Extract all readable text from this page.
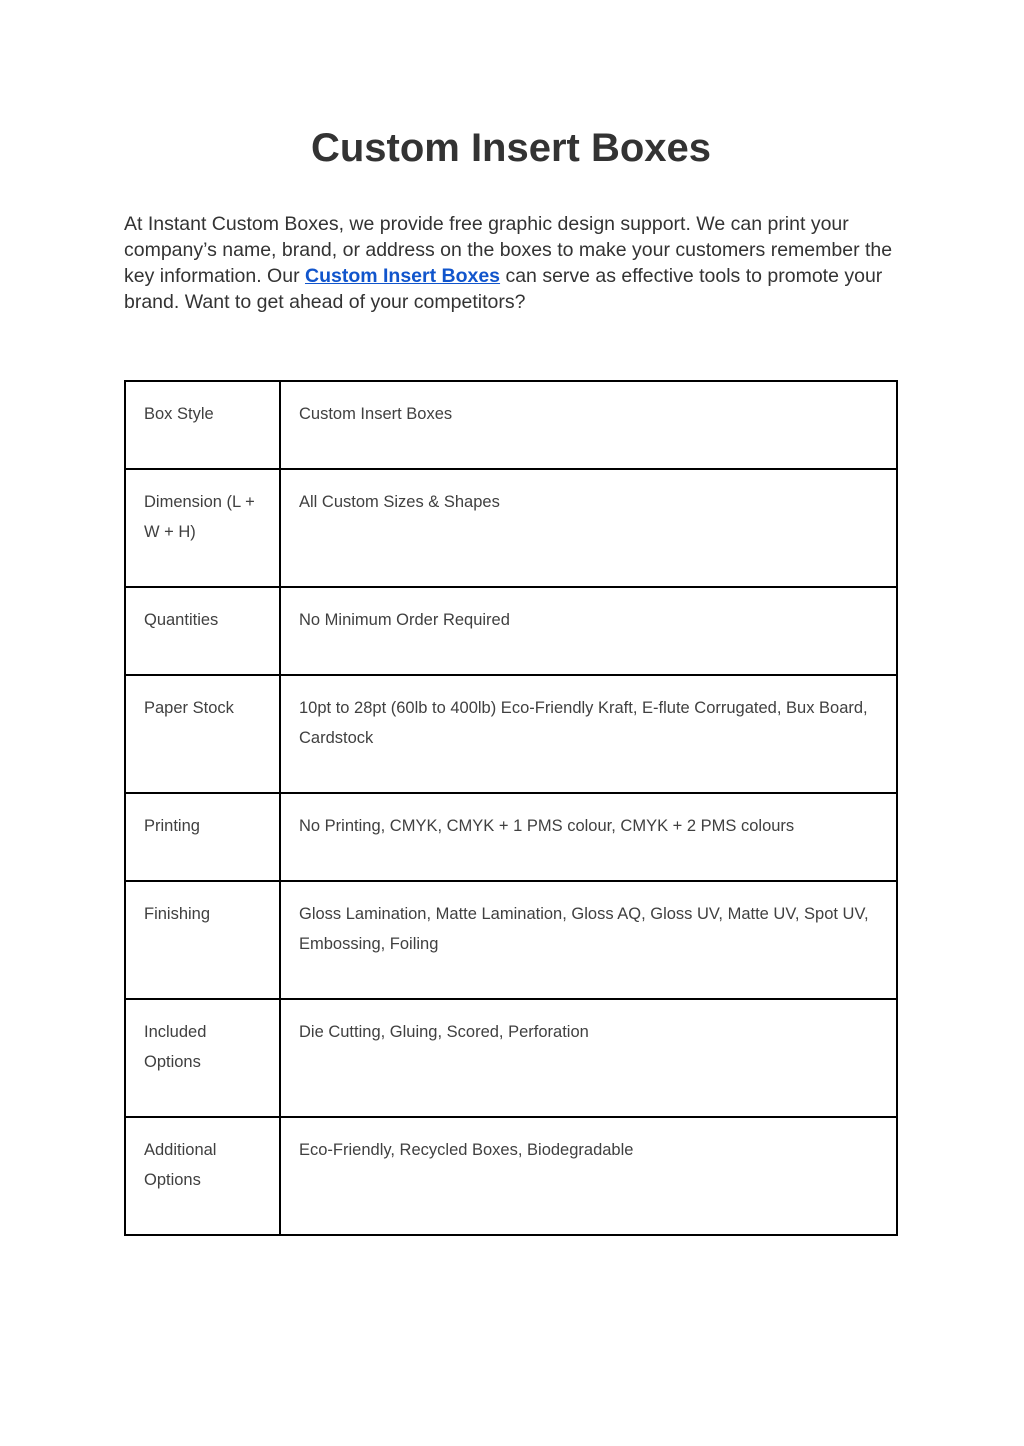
Custom Insert Boxes

At Instant Custom Boxes, we provide free graphic design support. We can print your company’s name, brand, or address on the boxes to make your customers remember the key information. Our Custom Insert Boxes can serve as effective tools to promote your brand. Want to get ahead of your competitors?

Box Style	Custom Insert Boxes
Dimension (L + W + H)	All Custom Sizes & Shapes
Quantities	No Minimum Order Required
Paper Stock	10pt to 28pt (60lb to 400lb) Eco-Friendly Kraft, E-flute Corrugated, Bux Board, Cardstock
Printing	No Printing, CMYK, CMYK + 1 PMS colour, CMYK + 2 PMS colours
Finishing	Gloss Lamination, Matte Lamination, Gloss AQ, Gloss UV, Matte UV, Spot UV, Embossing, Foiling
Included Options	Die Cutting, Gluing, Scored, Perforation
Additional Options	Eco-Friendly, Recycled Boxes, Biodegradable
